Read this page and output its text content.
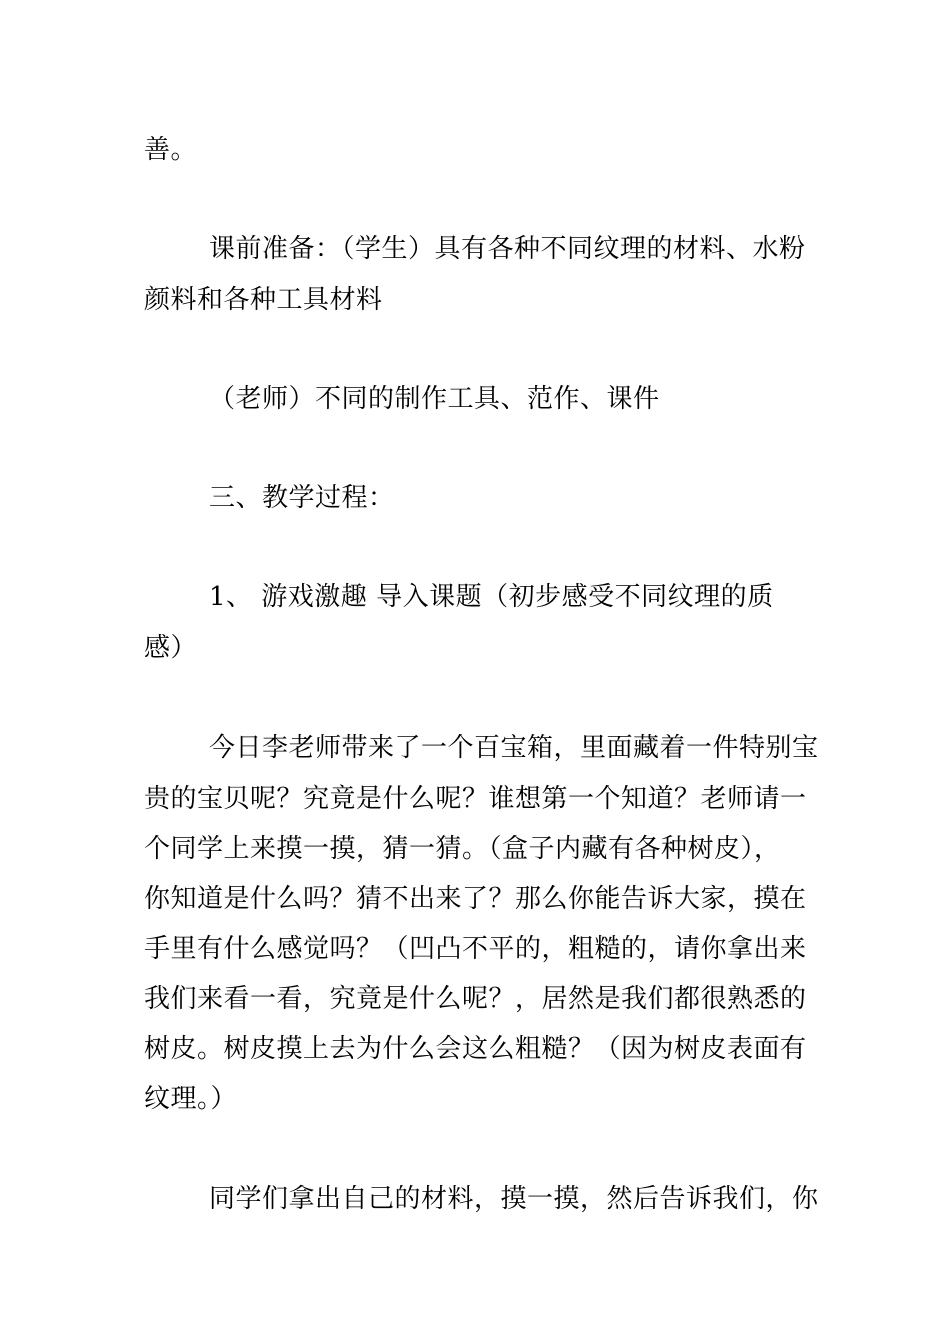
善。
课前准备：（学生）具有各种不同纹理的材料、水粉
颜料和各种工具材料
（老师）不同的制作工具、范作、课件
三、教学过程：
1、 游戏激趣 导入课题（初步感受不同纹理的质
感）
今日李老师带来了一个百宝箱，里面藏着一件特别宝
贵的宝贝呢？究竟是什么呢？谁想第一个知道？老师请一
个同学上来摸一摸，猜一猜。（盒子内藏有各种树皮），
你知道是什么吗？猜不出来了？那么你能告诉大家，摸在
手里有什么感觉吗？（凹凸不平的，粗糙的，请你拿出来
我们来看一看，究竟是什么呢？，居然是我们都很熟悉的
树皮。树皮摸上去为什么会这么粗糙？（因为树皮表面有
纹理。）
同学们拿出自己的材料，摸一摸，然后告诉我们，你
